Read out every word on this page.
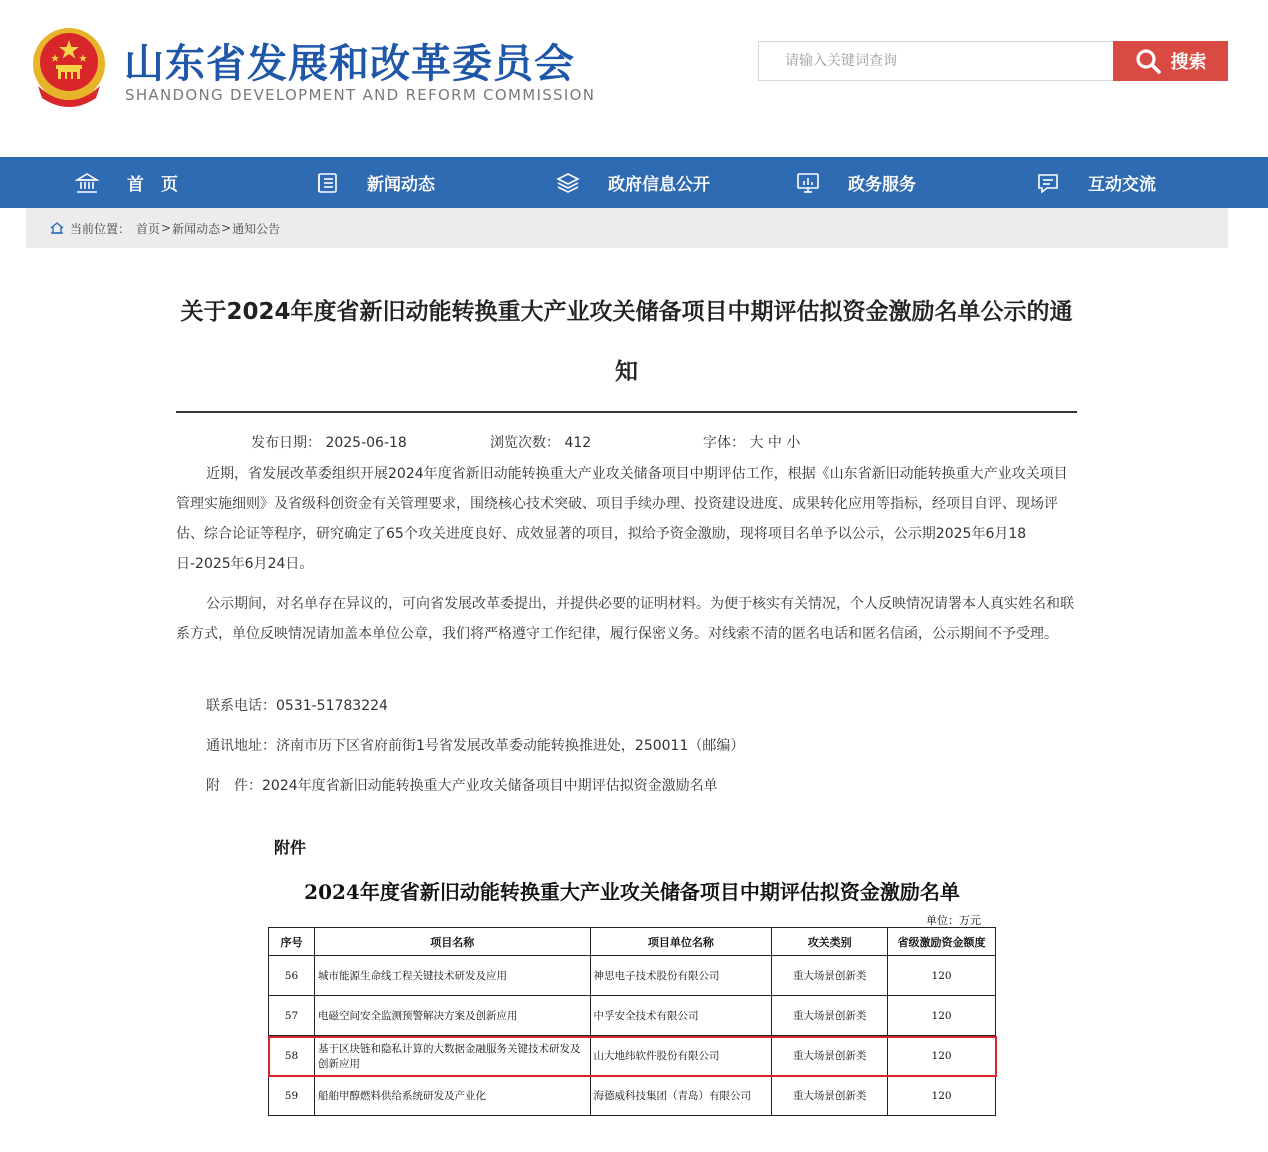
山东省发展和改革委员会
SHANDONG DEVELOPMENT AND REFORM COMMISSION
请输入关键词查询
搜索
首　页	新闻动态	政府信息公开	政务服务	互动交流
当前位置： 首页 > 新闻动态 > 通知公告
关于2024年度省新旧动能转换重大产业攻关储备项目中期评估拟资金激励名单公示的通知
发布日期： 2025-06-18	浏览次数： 412	字体： 大 中 小

近期，省发展改革委组织开展2024年度省新旧动能转换重大产业攻关储备项目中期评估工作，根据《山东省新旧动能转换重大产业攻关项目管理实施细则》及省级科创资金有关管理要求，围绕核心技术突破、项目手续办理、投资建设进度、成果转化应用等指标，经项目自评、现场评估、综合论证等程序，研究确定了65个攻关进度良好、成效显著的项目，拟给予资金激励，现将项目名单予以公示，公示期2025年6月18日-2025年6月24日。

公示期间，对名单存在异议的，可向省发展改革委提出，并提供必要的证明材料。为便于核实有关情况，个人反映情况请署本人真实姓名和联系方式，单位反映情况请加盖本单位公章，我们将严格遵守工作纪律，履行保密义务。对线索不清的匿名电话和匿名信函，公示期间不予受理。

联系电话：0531-51783224
通讯地址：济南市历下区省府前街1号省发展改革委动能转换推进处，250011（邮编）
附　件：2024年度省新旧动能转换重大产业攻关储备项目中期评估拟资金激励名单
附件
2024年度省新旧动能转换重大产业攻关储备项目中期评估拟资金激励名单
单位：万元
序号	项目名称	项目单位名称	攻关类别	省级激励资金额度
56	城市能源生命线工程关键技术研发及应用	神思电子技术股份有限公司	重大场景创新类	120
57	电磁空间安全监测预警解决方案及创新应用	中孚安全技术有限公司	重大场景创新类	120
58	基于区块链和隐私计算的大数据金融服务关键技术研发及创新应用	山大地纬软件股份有限公司	重大场景创新类	120
59	船舶甲醇燃料供给系统研发及产业化	海德威科技集团（青岛）有限公司	重大场景创新类	120
